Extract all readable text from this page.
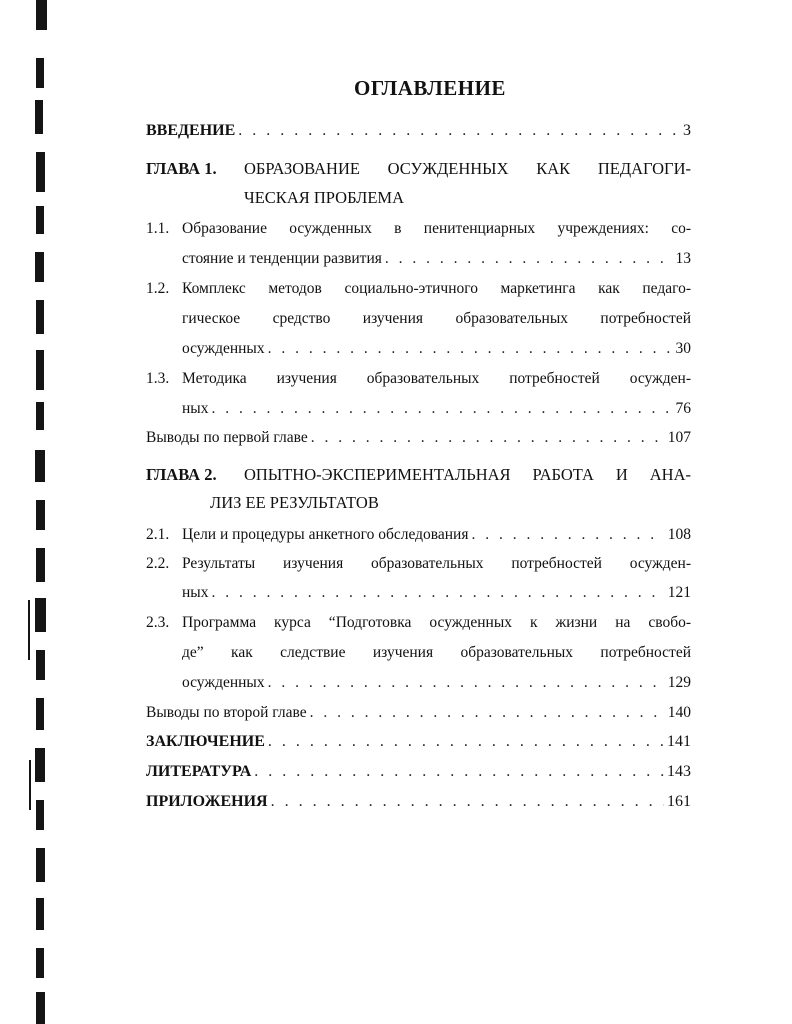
ОГЛАВЛЕНИЕ
ВВЕДЕНИЕ . . .	3
ГЛАВА 1.	ОБРАЗОВАНИЕ ОСУЖДЕННЫХ КАК ПЕДАГОГИ-
ЧЕСКАЯ ПРОБЛЕМА
1.1. Образование осужденных в пенитенциарных учреждениях: со-
стояние и тенденции развития . . .	13
1.2. Комплекс методов социально-этичного маркетинга как педаго-
гическое средство изучения образовательных потребностей
осужденных . . .	30
1.3. Методика изучения образовательных потребностей осужден-
ных . . .	76
Выводы по первой главе . . .	107
ГЛАВА 2.	ОПЫТНО-ЭКСПЕРИМЕНТАЛЬНАЯ РАБОТА И АНА-
ЛИЗ ЕЕ РЕЗУЛЬТАТОВ
2.1. Цели и процедуры анкетного обследования . . .	108
2.2. Результаты изучения образовательных потребностей осужден-
ных . . .	121
2.3. Программа курса “Подготовка осужденных к жизни на свобо-
де” как следствие изучения образовательных потребностей
осужденных . . .	129
Выводы по второй главе . . .	140
ЗАКЛЮЧЕНИЕ . . .	141
ЛИТЕРАТУРА . . .	143
ПРИЛОЖЕНИЯ . . .	161
